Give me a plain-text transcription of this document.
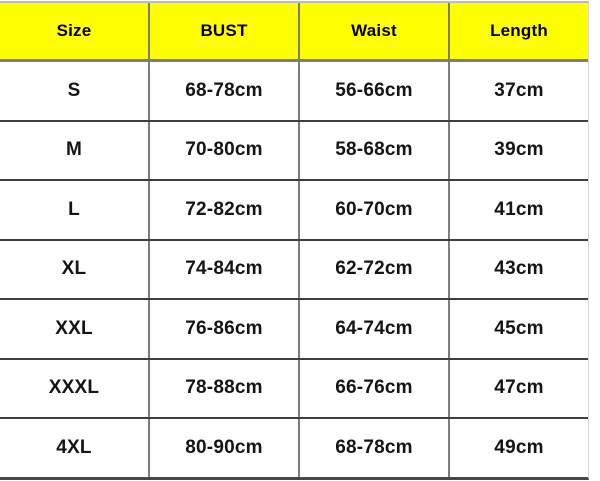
Size	BUST	Waist	Length
S	68-78cm	56-66cm	37cm
M	70-80cm	58-68cm	39cm
L	72-82cm	60-70cm	41cm
XL	74-84cm	62-72cm	43cm
XXL	76-86cm	64-74cm	45cm
XXXL	78-88cm	66-76cm	47cm
4XL	80-90cm	68-78cm	49cm
